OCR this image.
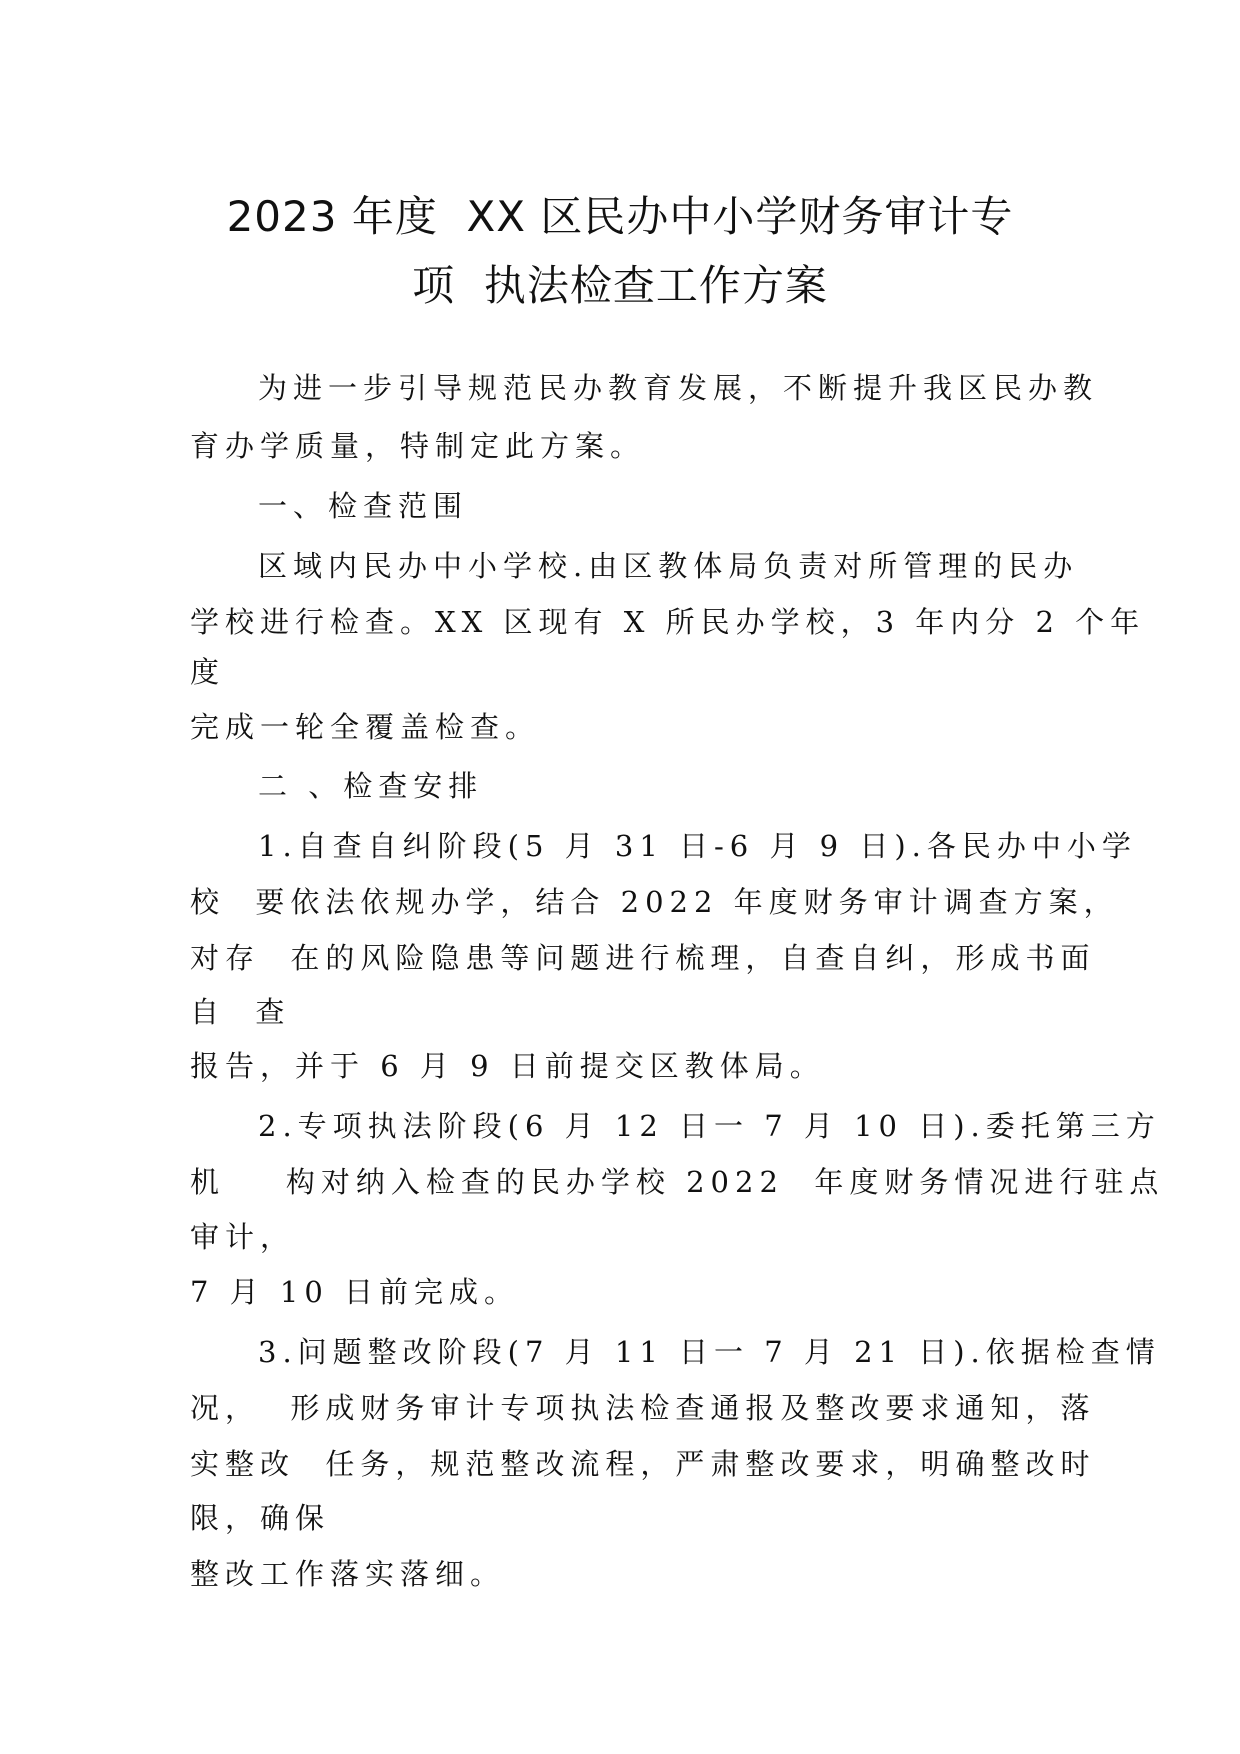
2023 年度  XX 区民办中小学财务审计专
项  执法检查工作方案
为进一步引导规范民办教育发展，不断提升我区民办教
育办学质量，特制定此方案。
一、检查范围
区域内民办中小学校.由区教体局负责对所管理的民办
学校进行检查。XX 区现有 X 所民办学校，3 年内分 2 个年
度
完成一轮全覆盖检查。
二 、检查安排
1.自查自纠阶段(5 月 31 日-6 月 9 日).各民办中小学
校  要依法依规办学，结合 2022 年度财务审计调查方案，
对存  在的风险隐患等问题进行梳理，自查自纠，形成书面
自  查
报告，并于 6 月 9 日前提交区教体局。
2.专项执法阶段(6 月 12 日一 7 月 10 日).委托第三方
机    构对纳入检查的民办学校 2022  年度财务情况进行驻点
审计，
7 月 10 日前完成。
3.问题整改阶段(7 月 11 日一 7 月 21 日).依据检查情
况，  形成财务审计专项执法检查通报及整改要求通知，落
实整改  任务，规范整改流程，严肃整改要求，明确整改时
限，确保
整改工作落实落细。
